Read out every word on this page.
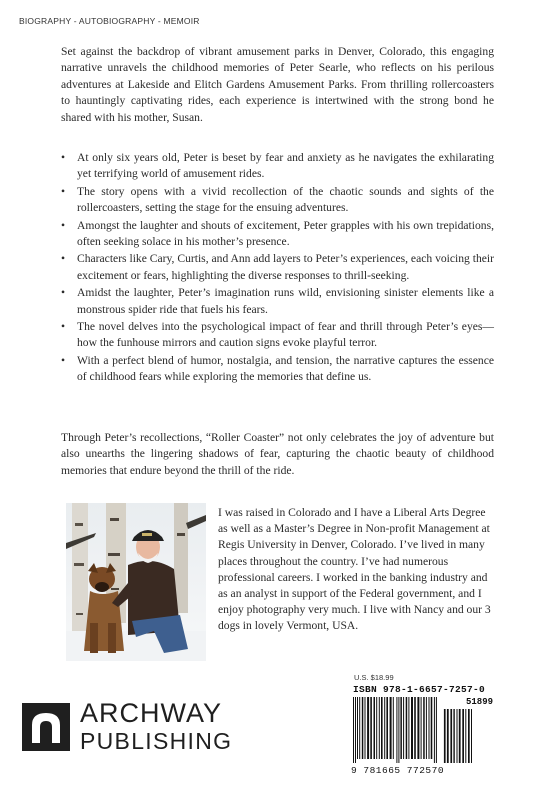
BIOGRAPHY - AUTOBIOGRAPHY - MEMOIR

Set against the backdrop of vibrant amusement parks in Denver, Colorado, this engaging narrative unravels the childhood memories of Peter Searle, who reflects on his perilous adventures at Lakeside and Elitch Gardens Amusement Parks. From thrilling rollercoasters to hauntingly captivating rides, each experience is intertwined with the strong bond he shared with his mother, Susan.

• At only six years old, Peter is beset by fear and anxiety as he navigates the exhilarating yet terrifying world of amusement rides.
• The story opens with a vivid recollection of the chaotic sounds and sights of the rollercoasters, setting the stage for the ensuing adventures.
• Amongst the laughter and shouts of excitement, Peter grapples with his own trepidations, often seeking solace in his mother’s presence.
• Characters like Cary, Curtis, and Ann add layers to Peter’s experiences, each voicing their excitement or fears, highlighting the diverse responses to thrill-seeking.
• Amidst the laughter, Peter’s imagination runs wild, envisioning sinister elements like a monstrous spider ride that fuels his fears.
• The novel delves into the psychological impact of fear and thrill through Peter’s eyes—how the funhouse mirrors and caution signs evoke playful terror.
• With a perfect blend of humor, nostalgia, and tension, the narrative captures the essence of childhood fears while exploring the memories that define us.

Through Peter’s recollections, “Roller Coaster” not only celebrates the joy of adventure but also unearths the lingering shadows of fear, capturing the chaotic beauty of childhood memories that endure beyond the thrill of the ride.

I was raised in Colorado and I have a Liberal Arts Degree as well as a Master’s Degree in Non-profit Management at Regis University in Denver, Colorado. I’ve lived in many places throughout the country. I’ve had numerous professional careers. I worked in the banking industry and as an analyst in support of the Federal government, and I enjoy photography very much. I live with Nancy and our 3 dogs in lovely Vermont, USA.

U.S. $18.99
ISBN 978-1-6657-7257-0
51899
9 781665 772570
ARCHWAY
PUBLISHING
